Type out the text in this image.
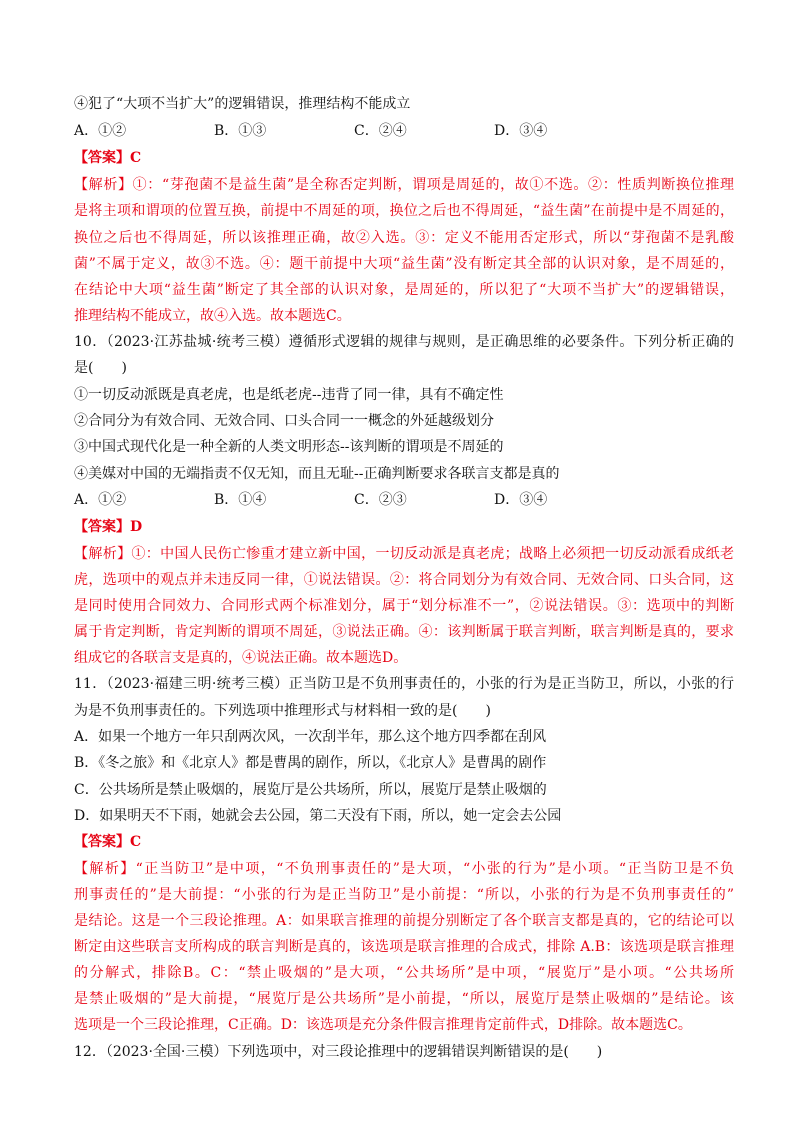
④犯了“大项不当扩大”的逻辑错误，推理结构不能成立
A．①②	B．①③	C．②④	D．③④
【答案】C
【解析】①：“芽孢菌不是益生菌”是全称否定判断，谓项是周延的，故①不选。②：性质判断换位推理
是将主项和谓项的位置互换，前提中不周延的项，换位之后也不得周延，“益生菌”在前提中是不周延的，
换位之后也不得周延，所以该推理正确，故②入选。③：定义不能用否定形式，所以“芽孢菌不是乳酸
菌”不属于定义，故③不选。④：题干前提中大项“益生菌”没有断定其全部的认识对象，是不周延的，
在结论中大项“益生菌”断定了其全部的认识对象，是周延的，所以犯了“大项不当扩大”的逻辑错误，
推理结构不能成立，故④入选。故本题选C。
10．（2023·江苏盐城·统考三模）遵循形式逻辑的规律与规则，是正确思维的必要条件。下列分析正确的
是(　　)
①一切反动派既是真老虎，也是纸老虎--违背了同一律，具有不确定性
②合同分为有效合同、无效合同、口头合同一一概念的外延越级划分
③中国式现代化是一种全新的人类文明形态--该判断的谓项是不周延的
④美媒对中国的无端指责不仅无知，而且无耻--正确判断要求各联言支都是真的
A．①②	B．①④	C．②③	D．③④
【答案】D
【解析】①：中国人民伤亡惨重才建立新中国，一切反动派是真老虎；战略上必须把一切反动派看成纸老
虎，选项中的观点并未违反同一律，①说法错误。②：将合同划分为有效合同、无效合同、口头合同，这
是同时使用合同效力、合同形式两个标准划分，属于“划分标准不一”，②说法错误。③：选项中的判断
属于肯定判断，肯定判断的谓项不周延，③说法正确。④：该判断属于联言判断，联言判断是真的，要求
组成它的各联言支是真的，④说法正确。故本题选D。
11．（2023·福建三明·统考三模）正当防卫是不负刑事责任的，小张的行为是正当防卫，所以，小张的行
为是不负刑事责任的。下列选项中推理形式与材料相一致的是(　　)
A．如果一个地方一年只刮两次风，一次刮半年，那么这个地方四季都在刮风
B．《冬之旅》和《北京人》都是曹禺的剧作，所以，《北京人》是曹禺的剧作
C．公共场所是禁止吸烟的，展览厅是公共场所，所以，展览厅是禁止吸烟的
D．如果明天不下雨，她就会去公园，第二天没有下雨，所以，她一定会去公园
【答案】C
【解析】“正当防卫”是中项，“不负刑事责任的”是大项，“小张的行为”是小项。“正当防卫是不负
刑事责任的”是大前提：“小张的行为是正当防卫”是小前提：“所以，小张的行为是不负刑事责任的”
是结论。这是一个三段论推理。A：如果联言推理的前提分别断定了各个联言支都是真的，它的结论可以
断定由这些联言支所构成的联言判断是真的，该选项是联言推理的合成式，排除 A.B：该选项是联言推理
的分解式，排除B。C：“禁止吸烟的”是大项，“公共场所”是中项，“展览厅”是小项。“公共场所
是禁止吸烟的”是大前提，“展览厅是公共场所”是小前提，“所以，展览厅是禁止吸烟的”是结论。该
选项是一个三段论推理，C正确。D：该选项是充分条件假言推理肯定前件式，D排除。故本题选C。
12．（2023·全国·三模）下列选项中，对三段论推理中的逻辑错误判断错误的是(　　)
